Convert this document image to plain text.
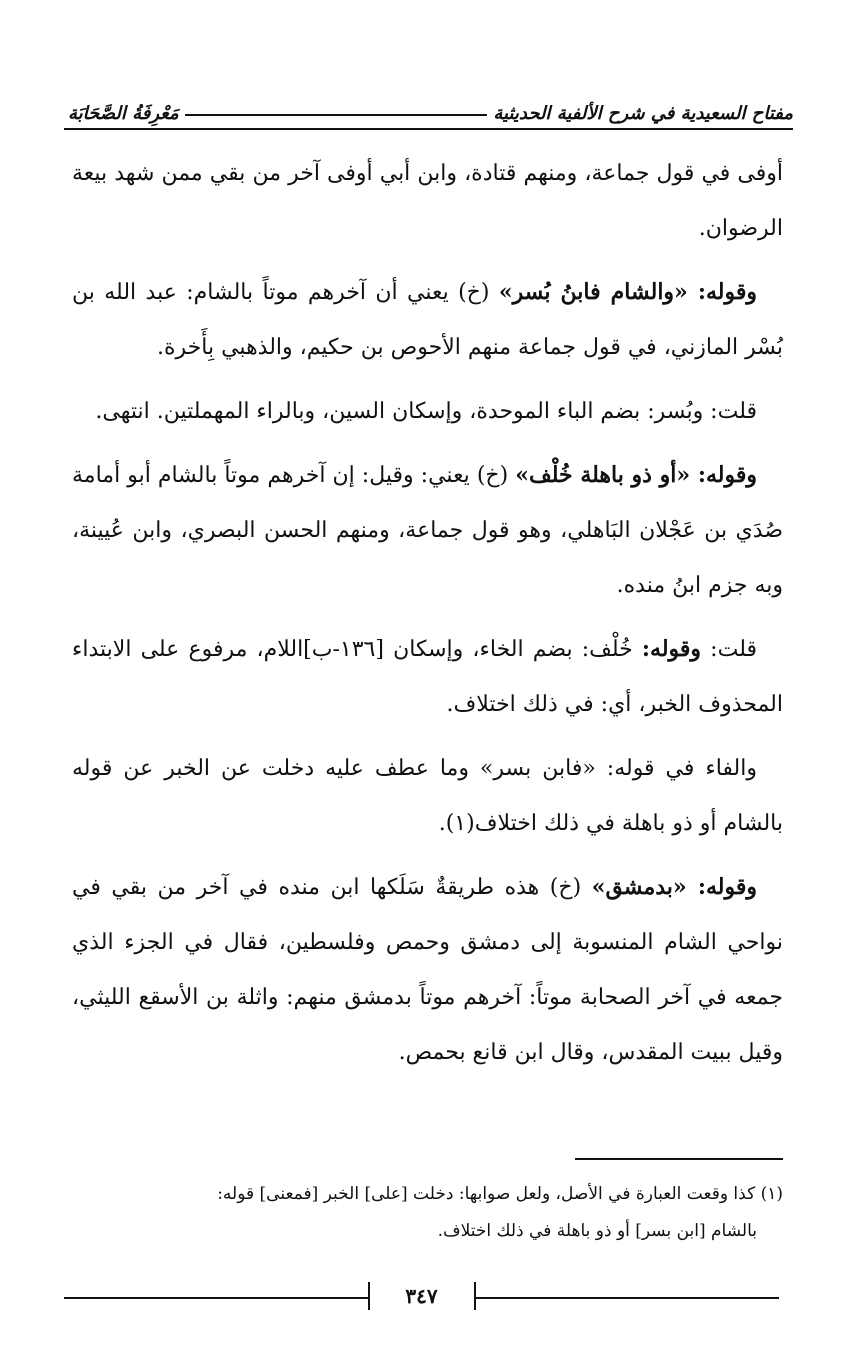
مفتاح السعيدية في شرح الألفية الحديثية
مَعْرِفَةُ الصَّحَابَة

أوفى في قول جماعة، ومنهم قتادة، وابن أبي أوفى آخر من بقي ممن شهد بيعة الرضوان.

وقوله: «والشام فابنُ بُسر» (خ) يعني أن آخرهم موتاً بالشام: عبد الله بن بُسْر المازني، في قول جماعة منهم الأحوص بن حكيم، والذهبي بِأَخرة.

قلت: وبُسر: بضم الباء الموحدة، وإسكان السين، وبالراء المهملتين. انتهى.

وقوله: «أو ذو باهلة خُلْف» (خ) يعني: وقيل: إن آخرهم موتاً بالشام أبو أمامة صُدَي بن عَجْلان البَاهلي، وهو قول جماعة، ومنهم الحسن البصري، وابن عُيينة، وبه جزم ابنُ منده.

قلت: وقوله: خُلْف: بضم الخاء، وإسكان [١٣٦-ب]اللام، مرفوع على الابتداء المحذوف الخبر، أي: في ذلك اختلاف.

والفاء في قوله: «فابن بسر» وما عطف عليه دخلت عن الخبر عن قوله بالشام أو ذو باهلة في ذلك اختلاف(١).

وقوله: «بدمشق» (خ) هذه طريقةٌ سَلَكها ابن منده في آخر من بقي في نواحي الشام المنسوبة إلى دمشق وحمص وفلسطين، فقال في الجزء الذي جمعه في آخر الصحابة موتاً: آخرهم موتاً بدمشق منهم: واثلة بن الأسقع الليثي، وقيل ببيت المقدس، وقال ابن قانع بحمص.

(١) كذا وقعت العبارة في الأصل، ولعل صوابها: دخلت [على] الخبر [فمعنى] قوله:
بالشام [ابن بسر] أو ذو باهلة في ذلك اختلاف.
٣٤٧
